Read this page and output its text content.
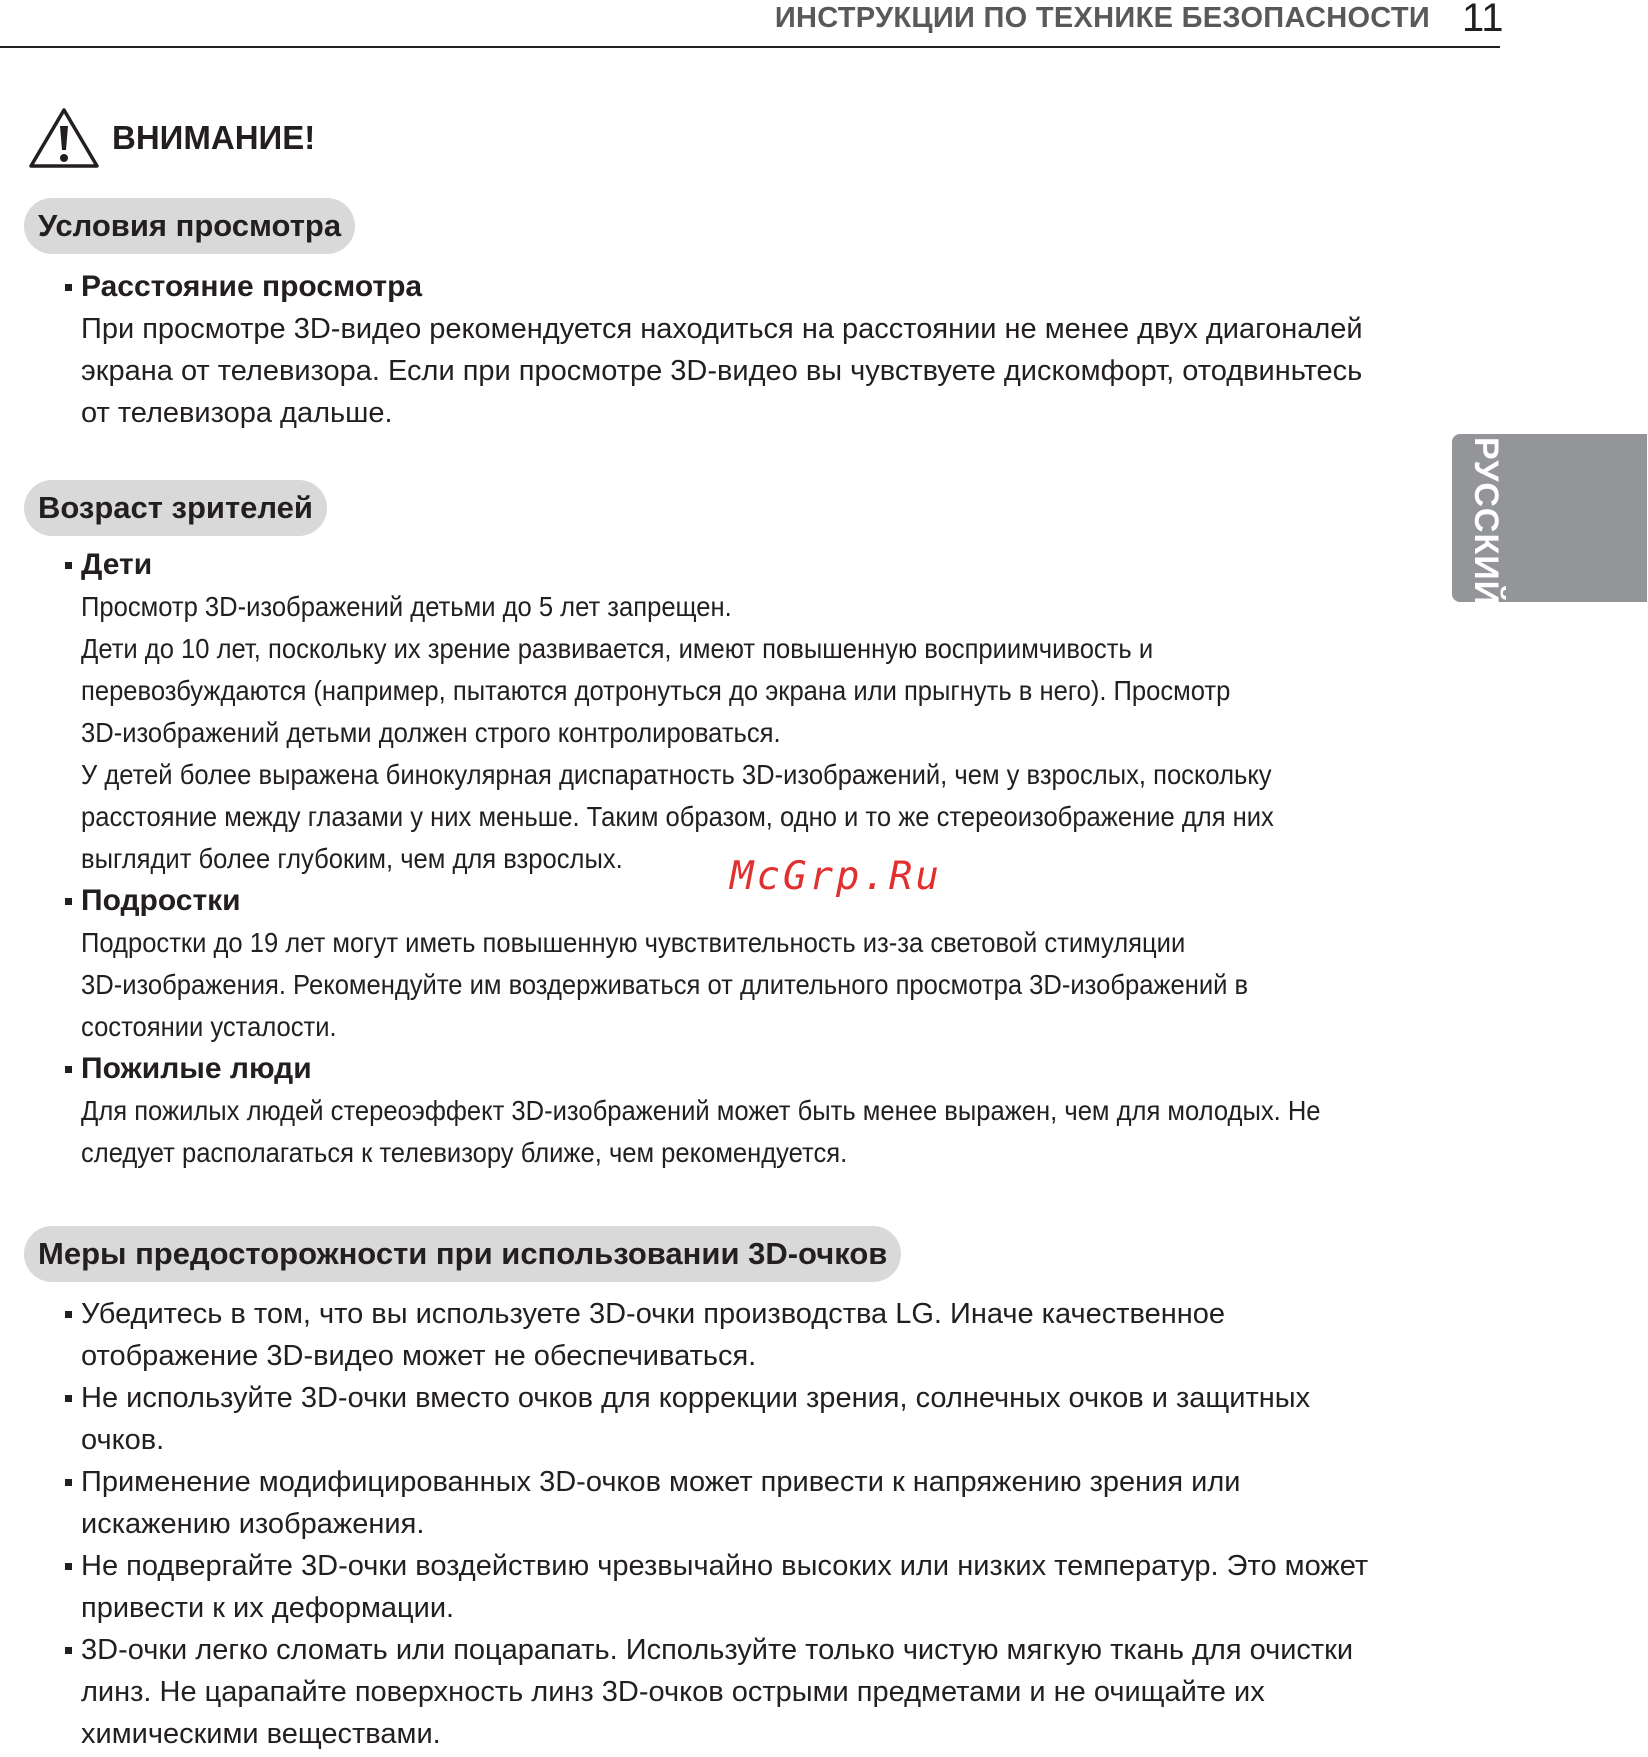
ИНСТРУКЦИИ ПО ТЕХНИКЕ БЕЗОПАСНОСТИ 11
ВНИМАНИЕ!
Условия просмотра
Расстояние просмотра

При просмотре 3D-видео рекомендуется находиться на расстоянии не менее двух диагоналей

экрана от телевизора. Если при просмотре 3D-видео вы чувствуете дискомфорт, отодвиньтесь

от телевизора дальше.

РУССКИЙ
Возраст зрителей
Дети

Просмотр 3D-изображений детьми до 5 лет запрещен.

Дети до 10 лет, поскольку их зрение развивается, имеют повышенную восприимчивость и

перевозбуждаются (например, пытаются дотронуться до экрана или прыгнуть в него). Просмотр

3D-изображений детьми должен строго контролироваться.

У детей более выражена бинокулярная диспаратность 3D-изображений, чем у взрослых, поскольку

расстояние между глазами у них меньше. Таким образом, одно и то же стереоизображение для них

выглядит более глубоким, чем для взрослых.	McGrp.Ru
Подростки

Подростки до 19 лет могут иметь повышенную чувствительность из-за световой стимуляции

3D-изображения. Рекомендуйте им воздерживаться от длительного просмотра 3D-изображений в

состоянии усталости.

Пожилые люди

Для пожилых людей стереоэффект 3D-изображений может быть менее выражен, чем для молодых. Не

следует располагаться к телевизору ближе, чем рекомендуется.

Меры предосторожности при использовании 3D-очков

Убедитесь в том, что вы используете 3D-очки производства LG. Иначе качественное

отображение 3D-видео может не обеспечиваться.

Не используйте 3D-очки вместо очков для коррекции зрения, солнечных очков и защитных

очков.

Применение модифицированных 3D-очков может привести к напряжению зрения или

искажению изображения.

Не подвергайте 3D-очки воздействию чрезвычайно высоких или низких температур. Это может

привести к их деформации.

3D-очки легко сломать или поцарапать. Используйте только чистую мягкую ткань для очистки

линз. Не царапайте поверхность линз 3D-очков острыми предметами и не очищайте их

химическими веществами.
